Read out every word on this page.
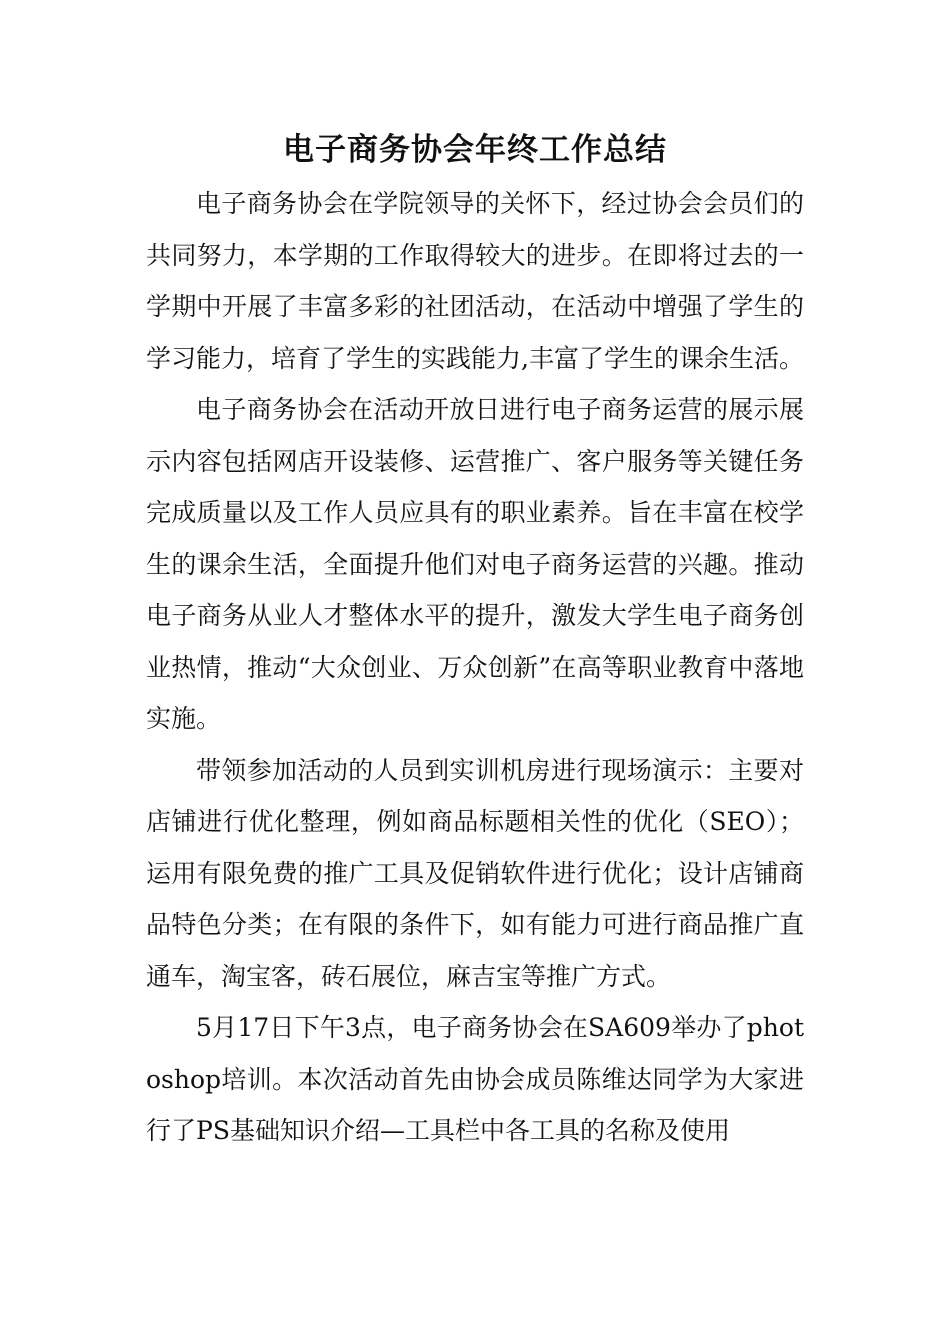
电子商务协会年终工作总结

电子商务协会在学院领导的关怀下，经过协会会员们的共同努力，本学期的工作取得较大的进步。在即将过去的一学期中开展了丰富多彩的社团活动，在活动中增强了学生的学习能力，培育了学生的实践能力,丰富了学生的课余生活。

电子商务协会在活动开放日进行电子商务运营的展示展示内容包括网店开设装修、运营推广、客户服务等关键任务完成质量以及工作人员应具有的职业素养。旨在丰富在校学生的课余生活，全面提升他们对电子商务运营的兴趣。推动电子商务从业人才整体水平的提升，激发大学生电子商务创业热情，推动“大众创业、万众创新”在高等职业教育中落地实施。

带领参加活动的人员到实训机房进行现场演示：主要对店铺进行优化整理，例如商品标题相关性的优化（SEO）；运用有限免费的推广工具及促销软件进行优化；设计店铺商品特色分类；在有限的条件下，如有能力可进行商品推广直通车，淘宝客，砖石展位，麻吉宝等推广方式。

5月17日下午3点，电子商务协会在SA609举办了photoshop培训。本次活动首先由协会成员陈维达同学为大家进行了PS基础知识介绍—工具栏中各工具的名称及使用
